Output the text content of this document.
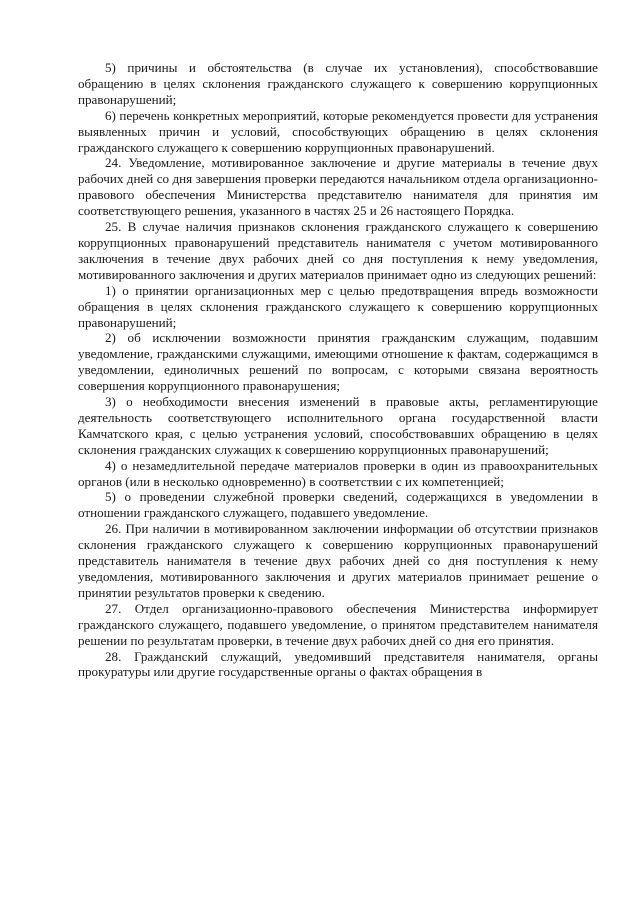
5) причины и обстоятельства (в случае их установления), способствовавшие обращению в целях склонения гражданского служащего к совершению коррупционных правонарушений;

6) перечень конкретных мероприятий, которые рекомендуется провести для устранения выявленных причин и условий, способствующих обращению в целях склонения гражданского служащего к совершению коррупционных правонарушений.

24. Уведомление, мотивированное заключение и другие материалы в течение двух рабочих дней со дня завершения проверки передаются начальником отдела организационно-правового обеспечения Министерства представителю нанимателя для принятия им соответствующего решения, указанного в частях 25 и 26 настоящего Порядка.

25. В случае наличия признаков склонения гражданского служащего к совершению коррупционных правонарушений представитель нанимателя с учетом мотивированного заключения в течение двух рабочих дней со дня поступления к нему уведомления, мотивированного заключения и других материалов принимает одно из следующих решений:

1) о принятии организационных мер с целью предотвращения впредь возможности обращения в целях склонения гражданского служащего к совершению коррупционных правонарушений;

2) об исключении возможности принятия гражданским служащим, подавшим уведомление, гражданскими служащими, имеющими отношение к фактам, содержащимся в уведомлении, единоличных решений по вопросам, с которыми связана вероятность совершения коррупционного правонарушения;

3) о необходимости внесения изменений в правовые акты, регламентирующие деятельность соответствующего исполнительного органа государственной власти Камчатского края, с целью устранения условий, способствовавших обращению в целях склонения гражданских служащих к совершению коррупционных правонарушений;

4) о незамедлительной передаче материалов проверки в один из правоохранительных органов (или в несколько одновременно) в соответствии с их компетенцией;

5) о проведении служебной проверки сведений, содержащихся в уведомлении в отношении гражданского служащего, подавшего уведомление.

26. При наличии в мотивированном заключении информации об отсутствии признаков склонения гражданского служащего к совершению коррупционных правонарушений представитель нанимателя в течение двух рабочих дней со дня поступления к нему уведомления, мотивированного заключения и других материалов принимает решение о принятии результатов проверки к сведению.

27. Отдел организационно-правового обеспечения Министерства информирует гражданского служащего, подавшего уведомление, о принятом представителем нанимателя решении по результатам проверки, в течение двух рабочих дней со дня его принятия.

28. Гражданский служащий, уведомивший представителя нанимателя, органы прокуратуры или другие государственные органы о фактах обращения в
